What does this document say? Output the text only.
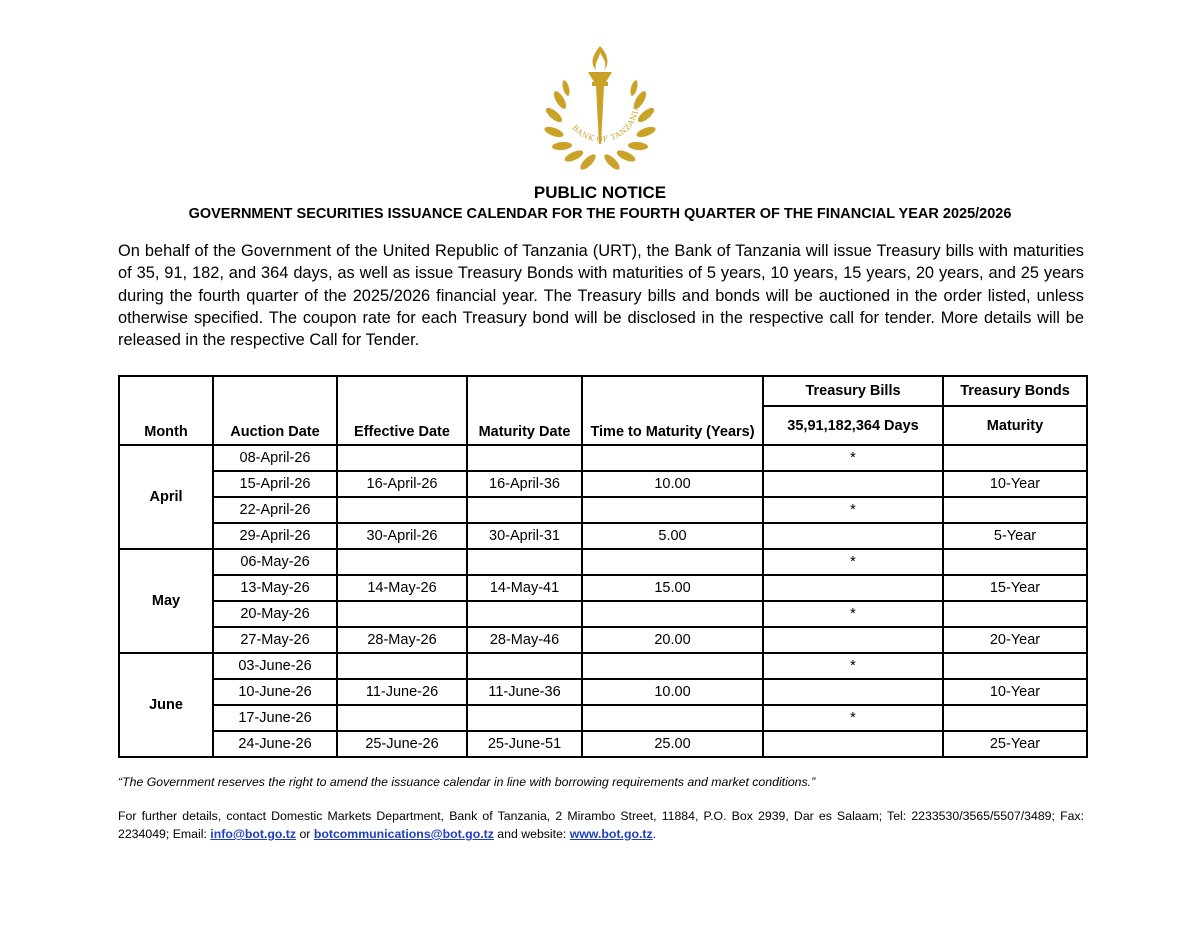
BANK OF TANZANIA
PUBLIC NOTICE
GOVERNMENT SECURITIES ISSUANCE CALENDAR FOR THE FOURTH QUARTER OF THE FINANCIAL YEAR 2025/2026
On behalf of the Government of the United Republic of Tanzania (URT), the Bank of Tanzania will issue Treasury bills with maturities of 35, 91, 182, and 364 days, as well as issue Treasury Bonds with maturities of 5 years, 10 years, 15 years, 20 years, and 25 years during the fourth quarter of the 2025/2026 financial year. The Treasury bills and bonds will be auctioned in the order listed, unless otherwise specified. The coupon rate for each Treasury bond will be disclosed in the respective call for tender. More details will be released in the respective Call for Tender.
Month	Auction Date	Effective Date	Maturity Date	Time to Maturity (Years)	Treasury Bills	Treasury Bonds
					35,91,182,364 Days	Maturity
April	08-April-26				*	
	15-April-26	16-April-26	16-April-36	10.00		10-Year
	22-April-26				*	
	29-April-26	30-April-26	30-April-31	5.00		5-Year
May	06-May-26				*	
	13-May-26	14-May-26	14-May-41	15.00		15-Year
	20-May-26				*	
	27-May-26	28-May-26	28-May-46	20.00		20-Year
June	03-June-26				*	
	10-June-26	11-June-26	11-June-36	10.00		10-Year
	17-June-26				*	
	24-June-26	25-June-26	25-June-51	25.00		25-Year
“The Government reserves the right to amend the issuance calendar in line with borrowing requirements and market conditions.”
For further details, contact Domestic Markets Department, Bank of Tanzania, 2 Mirambo Street, 11884, P.O. Box 2939, Dar es Salaam; Tel: 2233530/3565/5507/3489; Fax: 2234049; Email: info@bot.go.tz or botcommunications@bot.go.tz and website: www.bot.go.tz.
